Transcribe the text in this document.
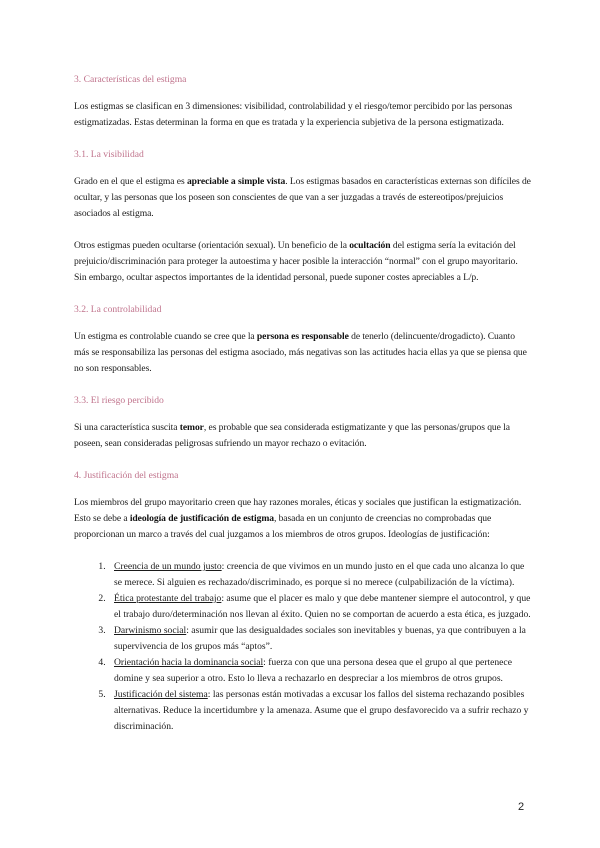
3. Características del estigma

Los estigmas se clasifican en 3 dimensiones: visibilidad, controlabilidad y el riesgo/temor percibido por las personas estigmatizadas. Estas determinan la forma en que es tratada y la experiencia subjetiva de la persona estigmatizada.

3.1. La visibilidad

Grado en el que el estigma es apreciable a simple vista. Los estigmas basados en características externas son difíciles de ocultar, y las personas que los poseen son conscientes de que van a ser juzgadas a través de estereotipos/prejuicios asociados al estigma.

Otros estigmas pueden ocultarse (orientación sexual). Un beneficio de la ocultación del estigma sería la evitación del prejuicio/discriminación para proteger la autoestima y hacer posible la interacción “normal” con el grupo mayoritario. Sin embargo, ocultar aspectos importantes de la identidad personal, puede suponer costes apreciables a L/p.

3.2. La controlabilidad

Un estigma es controlable cuando se cree que la persona es responsable de tenerlo (delincuente/drogadicto). Cuanto más se responsabiliza las personas del estigma asociado, más negativas son las actitudes hacia ellas ya que se piensa que no son responsables.

3.3. El riesgo percibido

Si una característica suscita temor, es probable que sea considerada estigmatizante y que las personas/grupos que la poseen, sean consideradas peligrosas sufriendo un mayor rechazo o evitación.

4. Justificación del estigma

Los miembros del grupo mayoritario creen que hay razones morales, éticas y sociales que justifican la estigmatización. Esto se debe a ideología de justificación de estigma, basada en un conjunto de creencias no comprobadas que proporcionan un marco a través del cual juzgamos a los miembros de otros grupos. Ideologías de justificación:

1. Creencia de un mundo justo: creencia de que vivimos en un mundo justo en el que cada uno alcanza lo que se merece. Si alguien es rechazado/discriminado, es porque si no merece (culpabilización de la víctima).
2. Ética protestante del trabajo: asume que el placer es malo y que debe mantener siempre el autocontrol, y que el trabajo duro/determinación nos llevan al éxito. Quien no se comportan de acuerdo a esta ética, es juzgado.
3. Darwinismo social: asumir que las desigualdades sociales son inevitables y buenas, ya que contribuyen a la supervivencia de los grupos más “aptos”.
4. Orientación hacia la dominancia social: fuerza con que una persona desea que el grupo al que pertenece domine y sea superior a otro. Esto lo lleva a rechazarlo en despreciar a los miembros de otros grupos.
5. Justificación del sistema: las personas están motivadas a excusar los fallos del sistema rechazando posibles alternativas. Reduce la incertidumbre y la amenaza. Asume que el grupo desfavorecido va a sufrir rechazo y discriminación.
2
